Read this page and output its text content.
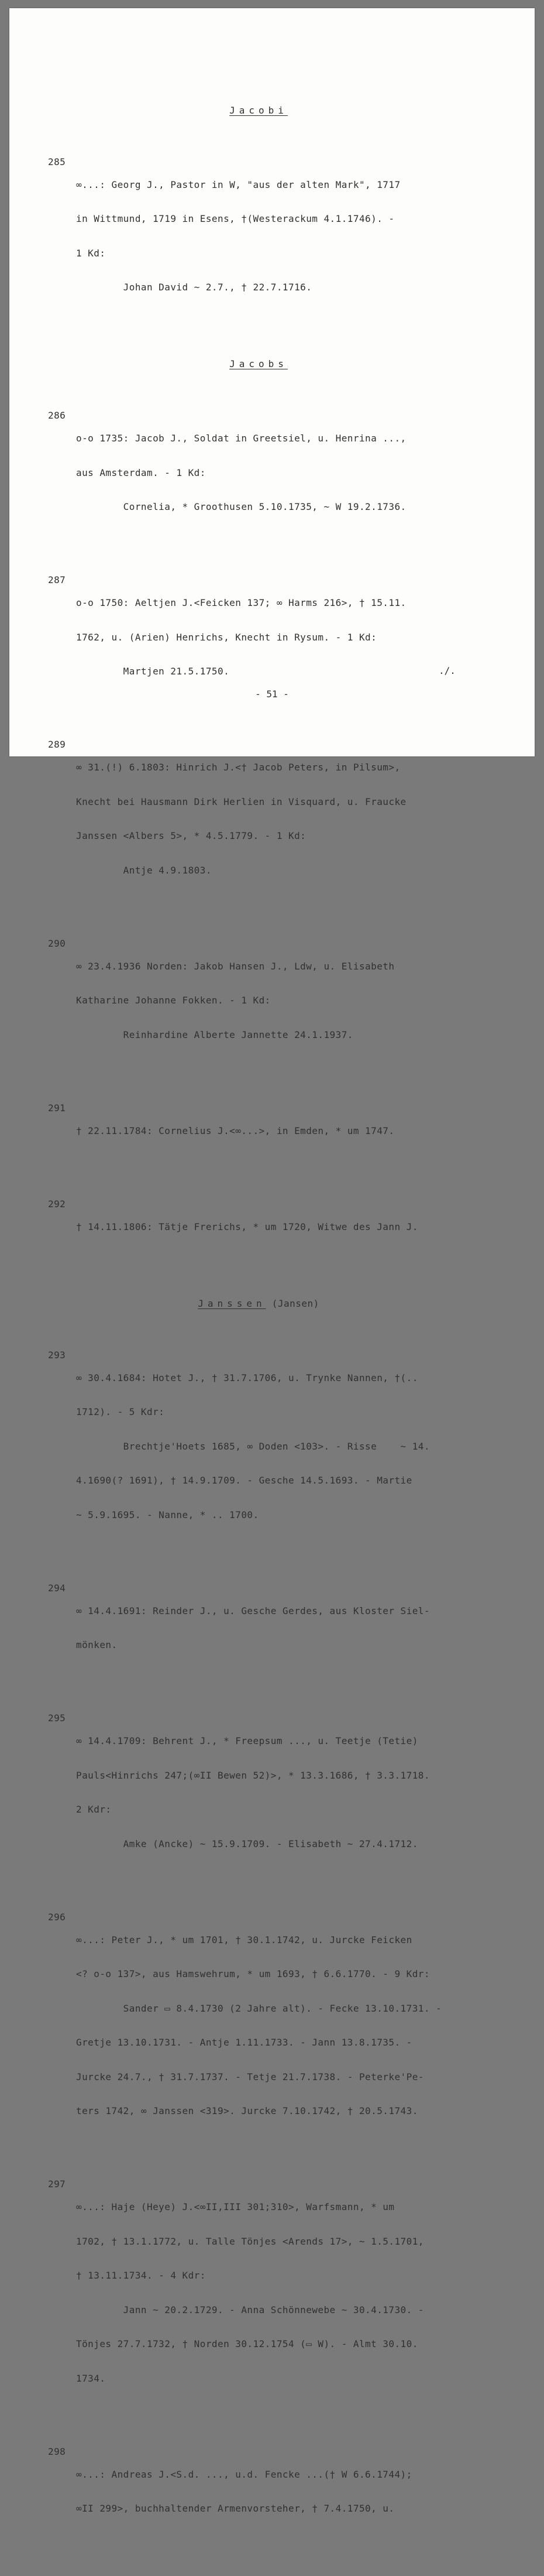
Jacobi

285

∞...: Georg J., Pastor in W, "aus der alten Mark", 1717

in Wittmund, 1719 in Esens, †(Westerackum 4.1.1746). -

1 Kd:

Johan David ~ 2.7., † 22.7.1716.

Jacobs

286

o-o 1735: Jacob J., Soldat in Greetsiel, u. Henrina ...,

aus Amsterdam. - 1 Kd:

Cornelia, * Groothusen 5.10.1735, ~ W 19.2.1736.

287

o-o 1750: Aeltjen J.<Feicken 137; ∞ Harms 216>, † 15.11.

1762, u. (Arien) Henrichs, Knecht in Rysum. - 1 Kd:

Martjen 21.5.1750.

289

∞ 31.(!) 6.1803: Hinrich J.<† Jacob Peters, in Pilsum>,

Knecht bei Hausmann Dirk Herlien in Visquard, u. Fraucke

Janssen <Albers 5>, * 4.5.1779. - 1 Kd:

Antje 4.9.1803.

290

∞ 23.4.1936 Norden: Jakob Hansen J., Ldw, u. Elisabeth

Katharine Johanne Fokken. - 1 Kd:

Reinhardine Alberte Jannette 24.1.1937.

291

† 22.11.1784: Cornelius J.<∞...>, in Emden, * um 1747.

292

† 14.11.1806: Tätje Frerichs, * um 1720, Witwe des Jann J.

Janssen (Jansen)

293

∞ 30.4.1684: Hotet J., † 31.7.1706, u. Trynke Nannen, †(..

1712). - 5 Kdr:

Brechtje'Hoets 1685, ∞ Doden <103>. - Risse    ~ 14.

4.1690(? 1691), † 14.9.1709. - Gesche 14.5.1693. - Martie

~ 5.9.1695. - Nanne, * .. 1700.

294

∞ 14.4.1691: Reinder J., u. Gesche Gerdes, aus Kloster Siel-

mönken.

295

∞ 14.4.1709: Behrent J., * Freepsum ..., u. Teetje (Tetie)

Pauls<Hinrichs 247;(∞II Bewen 52)>, * 13.3.1686, † 3.3.1718.

2 Kdr:

Amke (Ancke) ~ 15.9.1709. - Elisabeth ~ 27.4.1712.

296

∞...: Peter J., * um 1701, † 30.1.1742, u. Jurcke Feicken

<? o-o 137>, aus Hamswehrum, * um 1693, † 6.6.1770. - 9 Kdr:

Sander ▭ 8.4.1730 (2 Jahre alt). - Fecke 13.10.1731. -

Gretje 13.10.1731. - Antje 1.11.1733. - Jann 13.8.1735. -

Jurcke 24.7., † 31.7.1737. - Tetje 21.7.1738. - Peterke'Pe-

ters 1742, ∞ Janssen <319>. Jurcke 7.10.1742, † 20.5.1743.

297

∞...: Haje (Heye) J.<∞II,III 301;310>, Warfsmann, * um

1702, † 13.1.1772, u. Talle Tönjes <Arends 17>, ~ 1.5.1701,

† 13.11.1734. - 4 Kdr:

Jann ~ 20.2.1729. - Anna Schönnewebe ~ 30.4.1730. -

Tönjes 27.7.1732, † Norden 30.12.1754 (▭ W). - Almt 30.10.

1734.

298

∞...: Andreas J.<S.d. ..., u.d. Fencke ...(† W 6.6.1744);

∞II 299>, buchhaltender Armenvorsteher, † 7.4.1750, u.

./.
- 51 -
